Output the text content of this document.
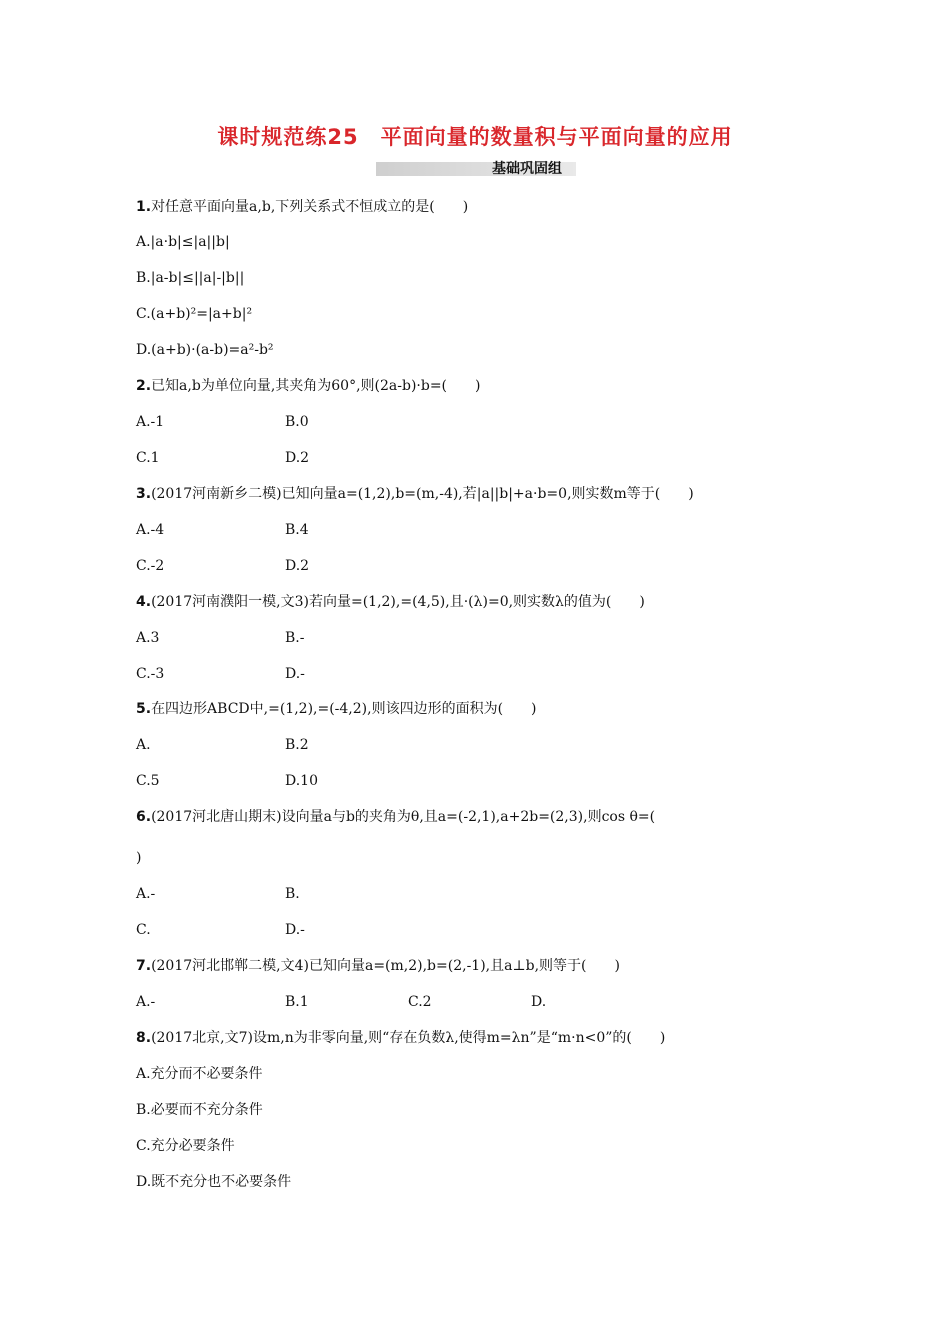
课时规范练25　平面向量的数量积与平面向量的应用
基础巩固组
1.对任意平面向量a,b,下列关系式不恒成立的是(　　)
A.|a·b|≤|a||b|
B.|a-b|≤||a|-|b||
C.(a+b)²=|a+b|²
D.(a+b)·(a-b)=a²-b²
2.已知a,b为单位向量,其夹角为60°,则(2a-b)·b=(　　)
A.-1	B.0
C.1	D.2
3.(2017河南新乡二模)已知向量a=(1,2),b=(m,-4),若|a||b|+a·b=0,则实数m等于(　　)
A.-4	B.4
C.-2	D.2
4.(2017河南濮阳一模,文3)若向量=(1,2),=(4,5),且·(λ)=0,则实数λ的值为(　　)
A.3	B.-
C.-3	D.-
5.在四边形ABCD中,=(1,2),=(-4,2),则该四边形的面积为(　　)
A.	B.2
C.5	D.10
6.(2017河北唐山期末)设向量a与b的夹角为θ,且a=(-2,1),a+2b=(2,3),则cos θ=(
)
A.-	B.
C.	D.-
7.(2017河北邯郸二模,文4)已知向量a=(m,2),b=(2,-1),且a⊥b,则等于(　　)
A.-	B.1	C.2	D.
8.(2017北京,文7)设m,n为非零向量,则“存在负数λ,使得m=λn”是“m·n<0”的(　　)
A.充分而不必要条件
B.必要而不充分条件
C.充分必要条件
D.既不充分也不必要条件
